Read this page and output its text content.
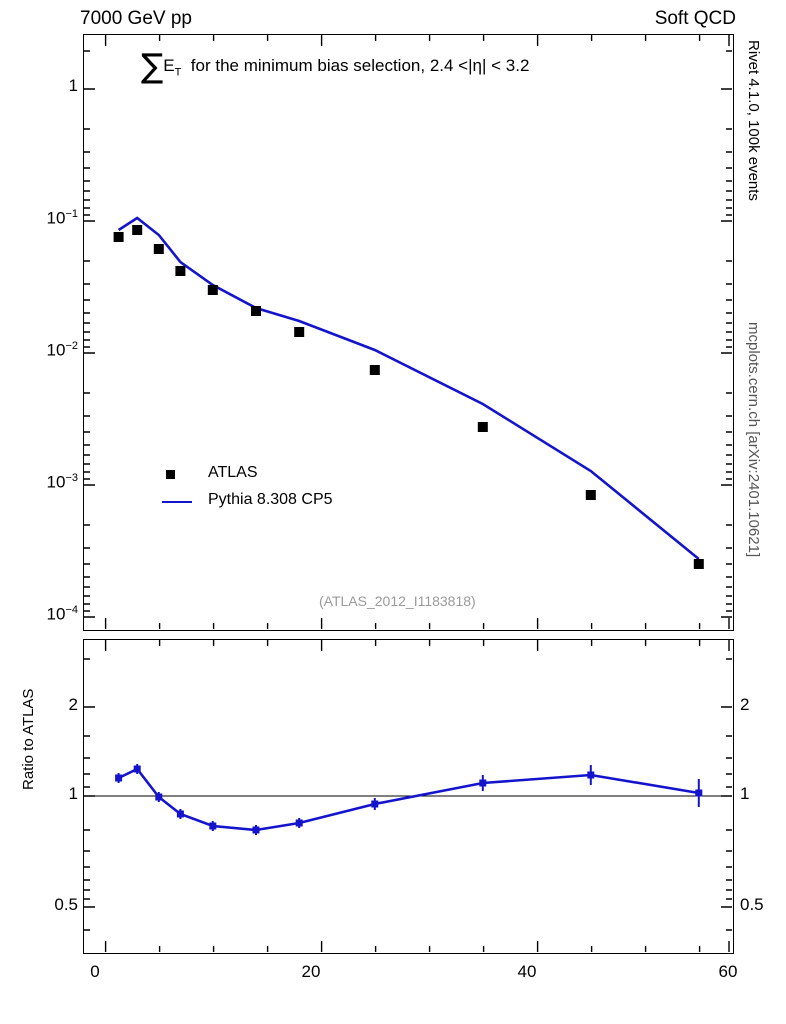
7000 GeV pp	Soft QCD
Rivet 4.1.0, 100k events
mcplots.cern.ch [arXiv:2401.10621]
$\sum E_T$ for the minimum bias selection, 2.4 <|η| < 3.2
ATLAS
Pythia 8.308 CP5
(ATLAS_2012_I1183818)
1
$10^{-1}$
$10^{-2}$
$10^{-3}$
$10^{-4}$
2
1
0.5
2
1
0.5
Ratio to ATLAS
0	20	40	60
